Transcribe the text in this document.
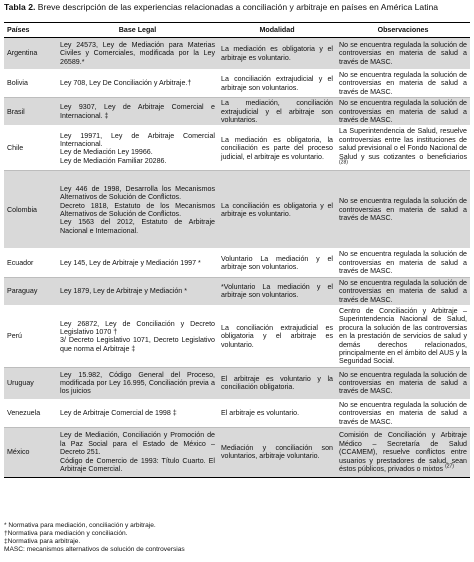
Tabla 2. Breve descripción de las experiencias relacionadas a conciliación y arbitraje en países en América Latina
Países	Base Legal	Modalidad	Observaciones
Argentina	Ley 24573, Ley de Mediación para Materias Civiles y Comerciales, modificada por la Ley 26589.*	La mediación es obligatoria y el arbitraje es voluntario.	No se encuentra regulada la solución de controversias en materia de salud a través de MASC.
Bolivia	Ley 708, Ley De Conciliación y Arbitraje.†	La conciliación extrajudicial y el arbitraje son voluntarios.	No se encuentra regulada la solución de controversias en materia de salud a través de MASC.
Brasil	Ley 9307, Ley de Arbitraje Comercial e Internacional. ‡	La mediación, conciliación extrajudicial y el arbitraje son voluntarios.	No se encuentra regulada la solución de controversias en materia de salud a través de MASC.
Chile	Ley 19971, Ley de Arbitraje Comercial Internacional.
Ley de Mediación Ley 19966.
Ley de Mediación Familiar 20286.	La mediación es obligatoria, la conciliación es parte del proceso judicial, el arbitraje es voluntario.	La Superintendencia de Salud, resuelve controversias entre las instituciones de salud previsional o el Fondo Nacional de Salud y sus cotizantes o beneficiarios $^{(28)}$
Colombia	Ley 446 de 1998, Desarrolla los Mecanismos Alternativos de Solución de Conflictos.
Decreto 1818, Estatuto de los Mecanismos Alternativos de Solución de Conflictos.
Ley 1563 del 2012, Estatuto de Arbitraje Nacional e Internacional.	La conciliación es obligatoria y el arbitraje es voluntario.	No se encuentra regulada la solución de controversias en materia de salud a través de MASC.
Ecuador	Ley 145, Ley de Arbitraje y Mediación 1997 *	Voluntario La mediación y el arbitraje son voluntarios.	No se encuentra regulada la solución de controversias en materia de salud a través de MASC.
Paraguay	Ley 1879, Ley de Arbitraje y Mediación *	*Voluntario La mediación y el arbitraje son voluntarios.	No se encuentra regulada la solución de controversias en materia de salud a través de MASC.
Perú	Ley 26872, Ley de Conciliación y Decreto Legislativo 1070 †
3/ Decreto Legislativo 1071, Decreto Legislativo que norma el Arbitraje ‡	La conciliación extrajudicial es obligatoria y el arbitraje es voluntario.	Centro de Conciliación y Arbitraje – Superintendencia Nacional de Salud, procura la solución de las controversias en la prestación de servicios de salud y demás derechos relacionados, principalmente en el ámbito del AUS y la Seguridad Social.
Uruguay	Ley 15.982, Código General del Proceso, modificada por Ley 16.995, Conciliación previa a los juicios	El arbitraje es voluntario y la conciliación obligatoria.	No se encuentra regulada la solución de controversias en materia de salud a través de MASC.
Venezuela	Ley de Arbitraje Comercial de 1998 ‡	El arbitraje es voluntario.	No se encuentra regulada la solución de controversias en materia de salud a través de MASC.
México	Ley de Mediación, Conciliación y Promoción de la Paz Social para el Estado de México – Decreto 251.
Código de Comercio de 1993: Título Cuarto. El Arbitraje Comercial.	Mediación y conciliación son voluntarios, arbitraje voluntario.	Comisión de Conciliación y Arbitraje Médico – Secretaría de Salud (CCAMEM), resuelve conflictos entre usuarios y prestadores de salud, sean éstos públicos, privados o mixtos $^{(27)}$
* Normativa para mediación, conciliación y arbitraje.
†Normativa para mediación y conciliación.
‡Normativa para arbitraje.
MASC: mecanismos alternativos de solución de controversias
